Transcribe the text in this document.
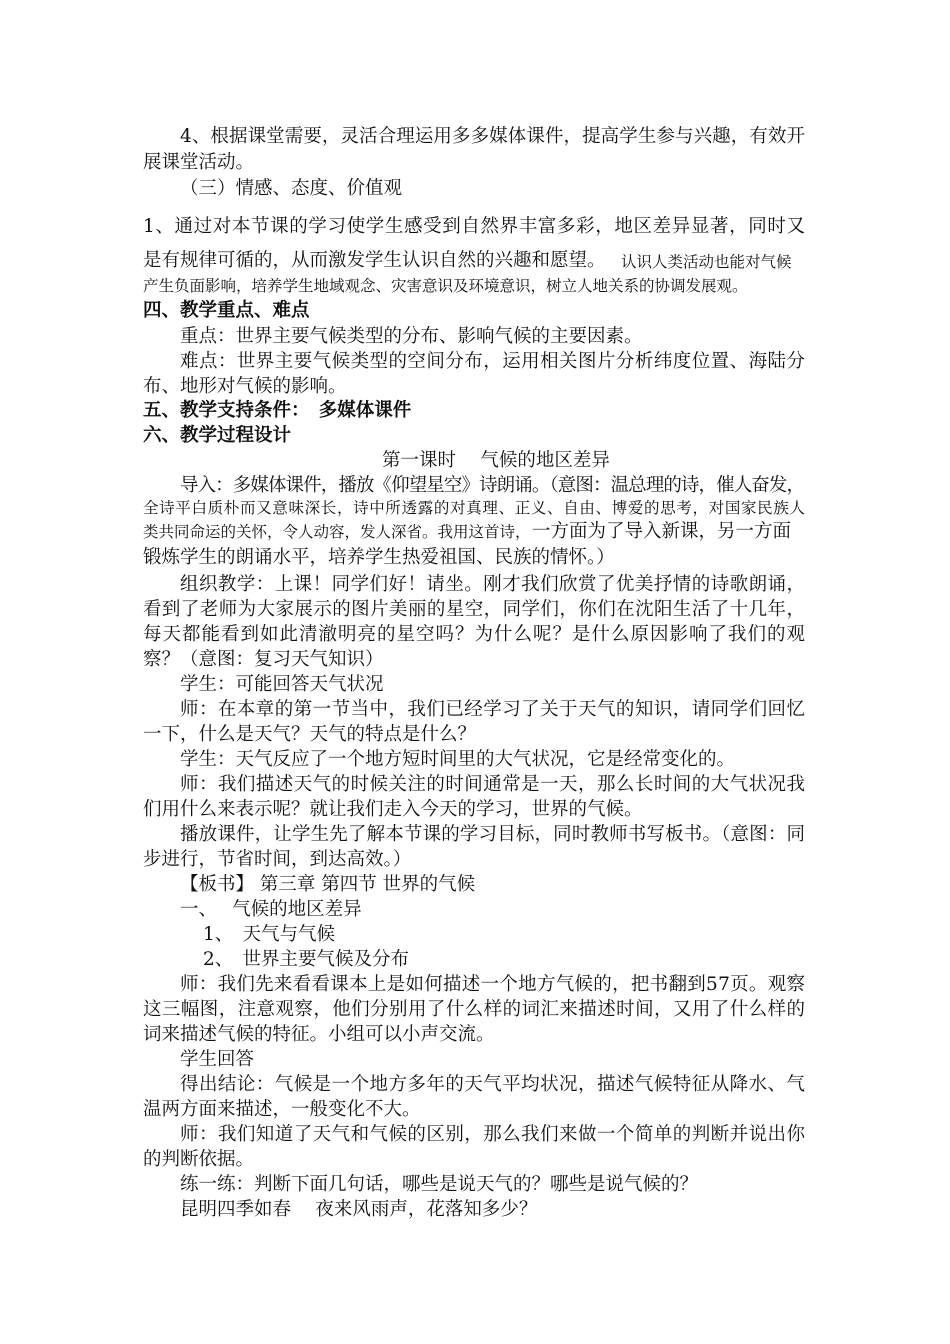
4、根据课堂需要，灵活合理运用多多媒体课件，提高学生参与兴趣，有效开
展课堂活动。
（三）情感、态度、价值观
1、通过对本节课的学习使学生感受到自然界丰富多彩，地区差异显著，同时又
是有规律可循的，从而激发学生认识自然的兴趣和愿望。 认识人类活动也能对气候
产生负面影响，培养学生地域观念、灾害意识及环境意识，树立人地关系的协调发展观。
四、教学重点、难点
重点：世界主要气候类型的分布、影响气候的主要因素。
难点：世界主要气候类型的空间分布，运用相关图片分析纬度位置、海陆分
布、地形对气候的影响。
五、教学支持条件：　多媒体课件
六、教学过程设计
第一课时　 气候的地区差异
导入：多媒体课件，播放《仰望星空》诗朗诵。（意图：温总理的诗，催人奋发，
全诗平白质朴而又意味深长，诗中所透露的对真理、正义、自由、博爱的思考，对国家民族人
类共同命运的关怀，令人动容，发人深省。我用这首诗， 一方面为了导入新课，另一方面
锻炼学生的朗诵水平，培养学生热爱祖国、民族的情怀。）
组织教学：上课！同学们好！请坐。刚才我们欣赏了优美抒情的诗歌朗诵，
看到了老师为大家展示的图片美丽的星空，同学们，你们在沈阳生活了十几年，
每天都能看到如此清澈明亮的星空吗？为什么呢？是什么原因影响了我们的观
察？（意图：复习天气知识）
学生：可能回答天气状况
师：在本章的第一节当中，我们已经学习了关于天气的知识，请同学们回忆
一下，什么是天气？天气的特点是什么？
学生：天气反应了一个地方短时间里的大气状况，它是经常变化的。
师：我们描述天气的时候关注的时间通常是一天，那么长时间的大气状况我
们用什么来表示呢？就让我们走入今天的学习，世界的气候。
播放课件，让学生先了解本节课的学习目标，同时教师书写板书。（意图：同
步进行，节省时间，到达高效。）
【板书】 第三章 第四节 世界的气候
一、　 气候的地区差异
1、　天气与气候
2、　世界主要气候及分布
师：我们先来看看课本上是如何描述一个地方气候的，把书翻到57页。观察
这三幅图，注意观察，他们分别用了什么样的词汇来描述时间，又用了什么样的
词来描述气候的特征。小组可以小声交流。
学生回答
得出结论：气候是一个地方多年的天气平均状况，描述气候特征从降水、气
温两方面来描述，一般变化不大。
师：我们知道了天气和气候的区别，那么我们来做一个简单的判断并说出你
的判断依据。
练一练：判断下面几句话，哪些是说天气的？哪些是说气候的？
昆明四季如春　 夜来风雨声，花落知多少？
